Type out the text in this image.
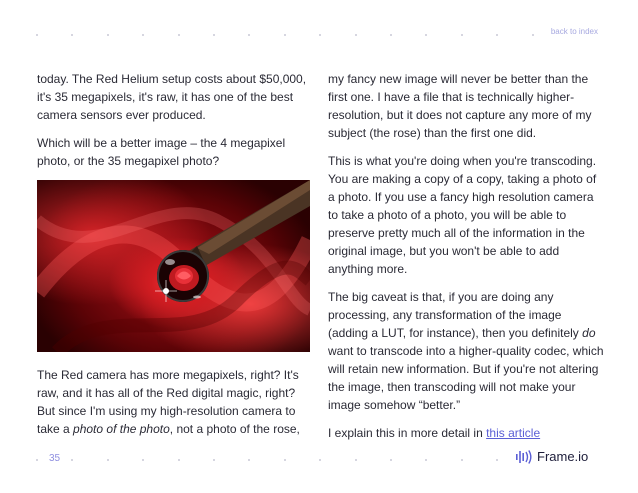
back to index

today. The Red Helium setup costs about $50,000, it's 35 megapixels, it's raw, it has one of the best camera sensors ever produced.

Which will be a better image – the 4 megapixel photo, or the 35 megapixel photo?

The Red camera has more megapixels, right? It's raw, and it has all of the Red digital magic, right? But since I'm using my high-resolution camera to take a photo of the photo, not a photo of the rose,

my fancy new image will never be better than the first one. I have a file that is technically higher-resolution, but it does not capture any more of my subject (the rose) than the first one did.

This is what you're doing when you're transcoding. You are making a copy of a copy, taking a photo of a photo. If you use a fancy high resolution camera to take a photo of a photo, you will be able to preserve pretty much all of the information in the original image, but you won't be able to add anything more.

The big caveat is that, if you are doing any processing, any transformation of the image (adding a LUT, for instance), then you definitely do want to transcode into a higher-quality codec, which will retain new information. But if you're not altering the image, then transcoding will not make your image somehow “better.”

I explain this in more detail in this article

35	Frame.io
